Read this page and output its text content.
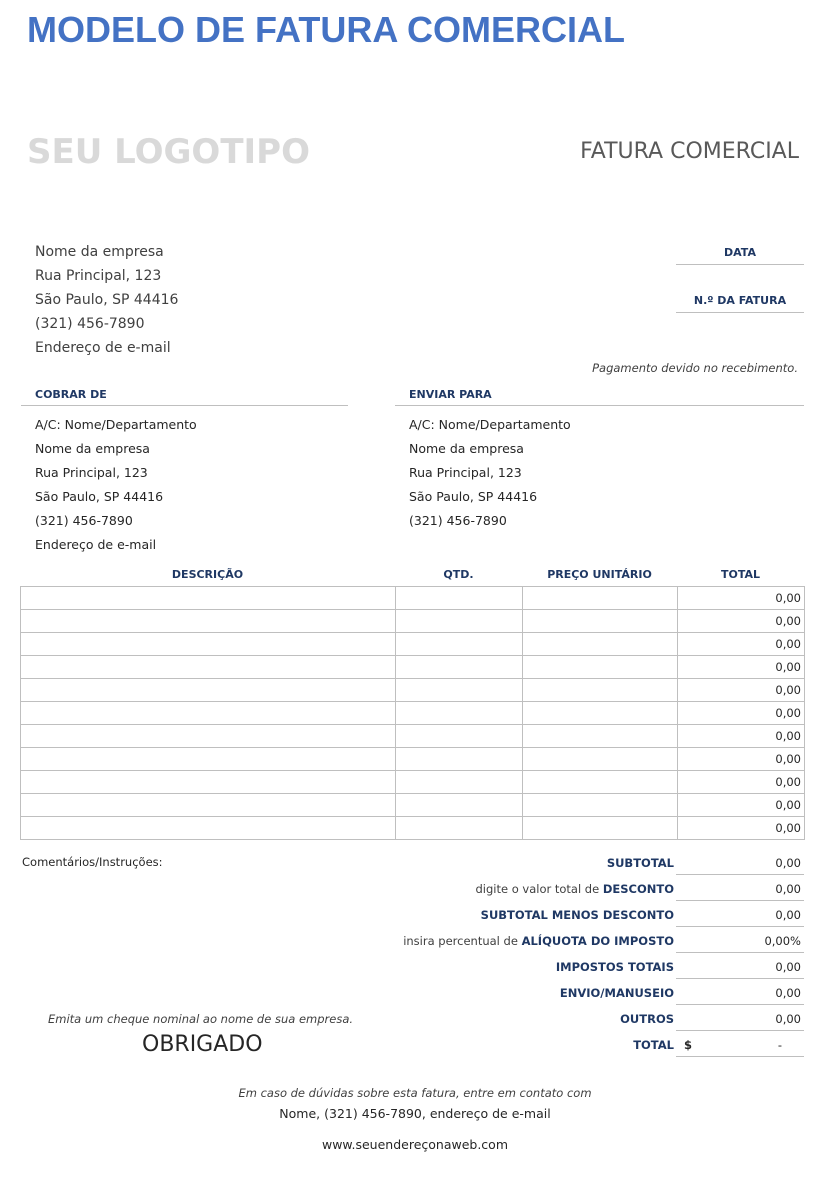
MODELO DE FATURA COMERCIAL
SEU LOGOTIPO	FATURA COMERCIAL
Nome da empresa
Rua Principal, 123
São Paulo, SP 44416
(321) 456-7890
Endereço de e-mail
DATA
N.º DA FATURA
Pagamento devido no recebimento.
COBRAR DE
A/C: Nome/Departamento
Nome da empresa
Rua Principal, 123
São Paulo, SP 44416
(321) 456-7890
Endereço de e-mail
ENVIAR PARA
A/C: Nome/Departamento
Nome da empresa
Rua Principal, 123
São Paulo, SP 44416
(321) 456-7890
DESCRIÇÃO	QTD.	PREÇO UNITÁRIO	TOTAL
			0,00
			0,00
			0,00
			0,00
			0,00
			0,00
			0,00
			0,00
			0,00
			0,00
			0,00
Comentários/Instruções:	SUBTOTAL	0,00
digite o valor total de DESCONTO	0,00
SUBTOTAL MENOS DESCONTO	0,00
insira percentual de ALÍQUOTA DO IMPOSTO	0,00%
IMPOSTOS TOTAIS	0,00
ENVIO/MANUSEIO	0,00
OUTROS	0,00
TOTAL $	-
Emita um cheque nominal ao nome de sua empresa.
OBRIGADO
Em caso de dúvidas sobre esta fatura, entre em contato com
Nome, (321) 456-7890, endereço de e-mail
www.seuendereçonaweb.com
